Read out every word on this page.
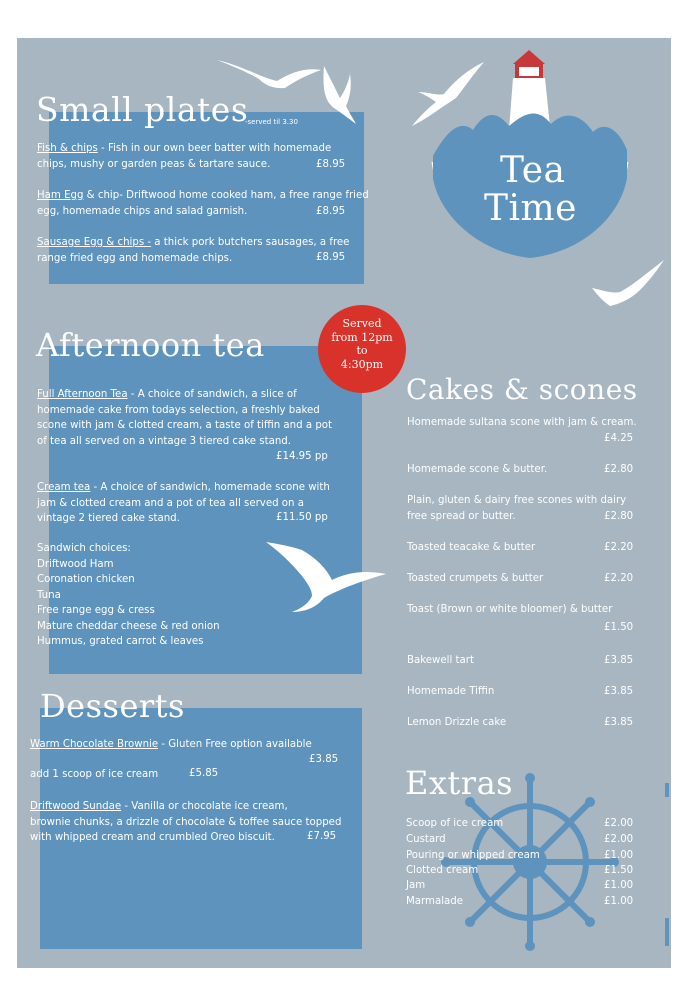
Tea
Time
Small plates
-served til 3.30
Fish & chips - Fish in our own beer batter with homemade
chips, mushy or garden peas & tartare sauce.	£8.95
Ham Egg & chip- Driftwood home cooked ham, a free range fried
egg, homemade chips and salad garnish.	£8.95
Sausage Egg & chips - a thick pork butchers sausages, a free
range fried egg and homemade chips.	£8.95
Served
from 12pm
to
4:30pm
Afternoon tea
Full Afternoon Tea - A choice of sandwich, a slice of
homemade cake from todays selection, a freshly baked
scone with jam & clotted cream, a taste of tiffin and a pot
of tea all served on a vintage 3 tiered cake stand.
£14.95 pp
Cream tea - A choice of sandwich, homemade scone with
jam & clotted cream and a pot of tea all served on a
vintage 2 tiered cake stand.	£11.50 pp
Sandwich choices:
Driftwood Ham
Coronation chicken
Tuna
Free range egg & cress
Mature cheddar cheese & red onion
Hummus, grated carrot & leaves
Desserts
Warm Chocolate Brownie - Gluten Free option available
£3.85
add 1 scoop of ice cream	£5.85
Driftwood Sundae - Vanilla or chocolate ice cream,
brownie chunks, a drizzle of chocolate & toffee sauce topped
with whipped cream and crumbled Oreo biscuit.	£7.95
Cakes & scones
Homemade sultana scone with jam & cream.
£4.25
Homemade scone & butter.	£2.80
Plain, gluten & dairy free scones with dairy
free spread or butter.	£2.80
Toasted teacake & butter	£2.20
Toasted crumpets & butter	£2.20
Toast (Brown or white bloomer) & butter
£1.50
Bakewell tart	£3.85
Homemade Tiffin	£3.85
Lemon Drizzle cake	£3.85
Extras
Scoop of ice cream	£2.00
Custard	£2.00
Pouring or whipped cream	£1.00
Clotted cream	£1.50
Jam	£1.00
Marmalade	£1.00
